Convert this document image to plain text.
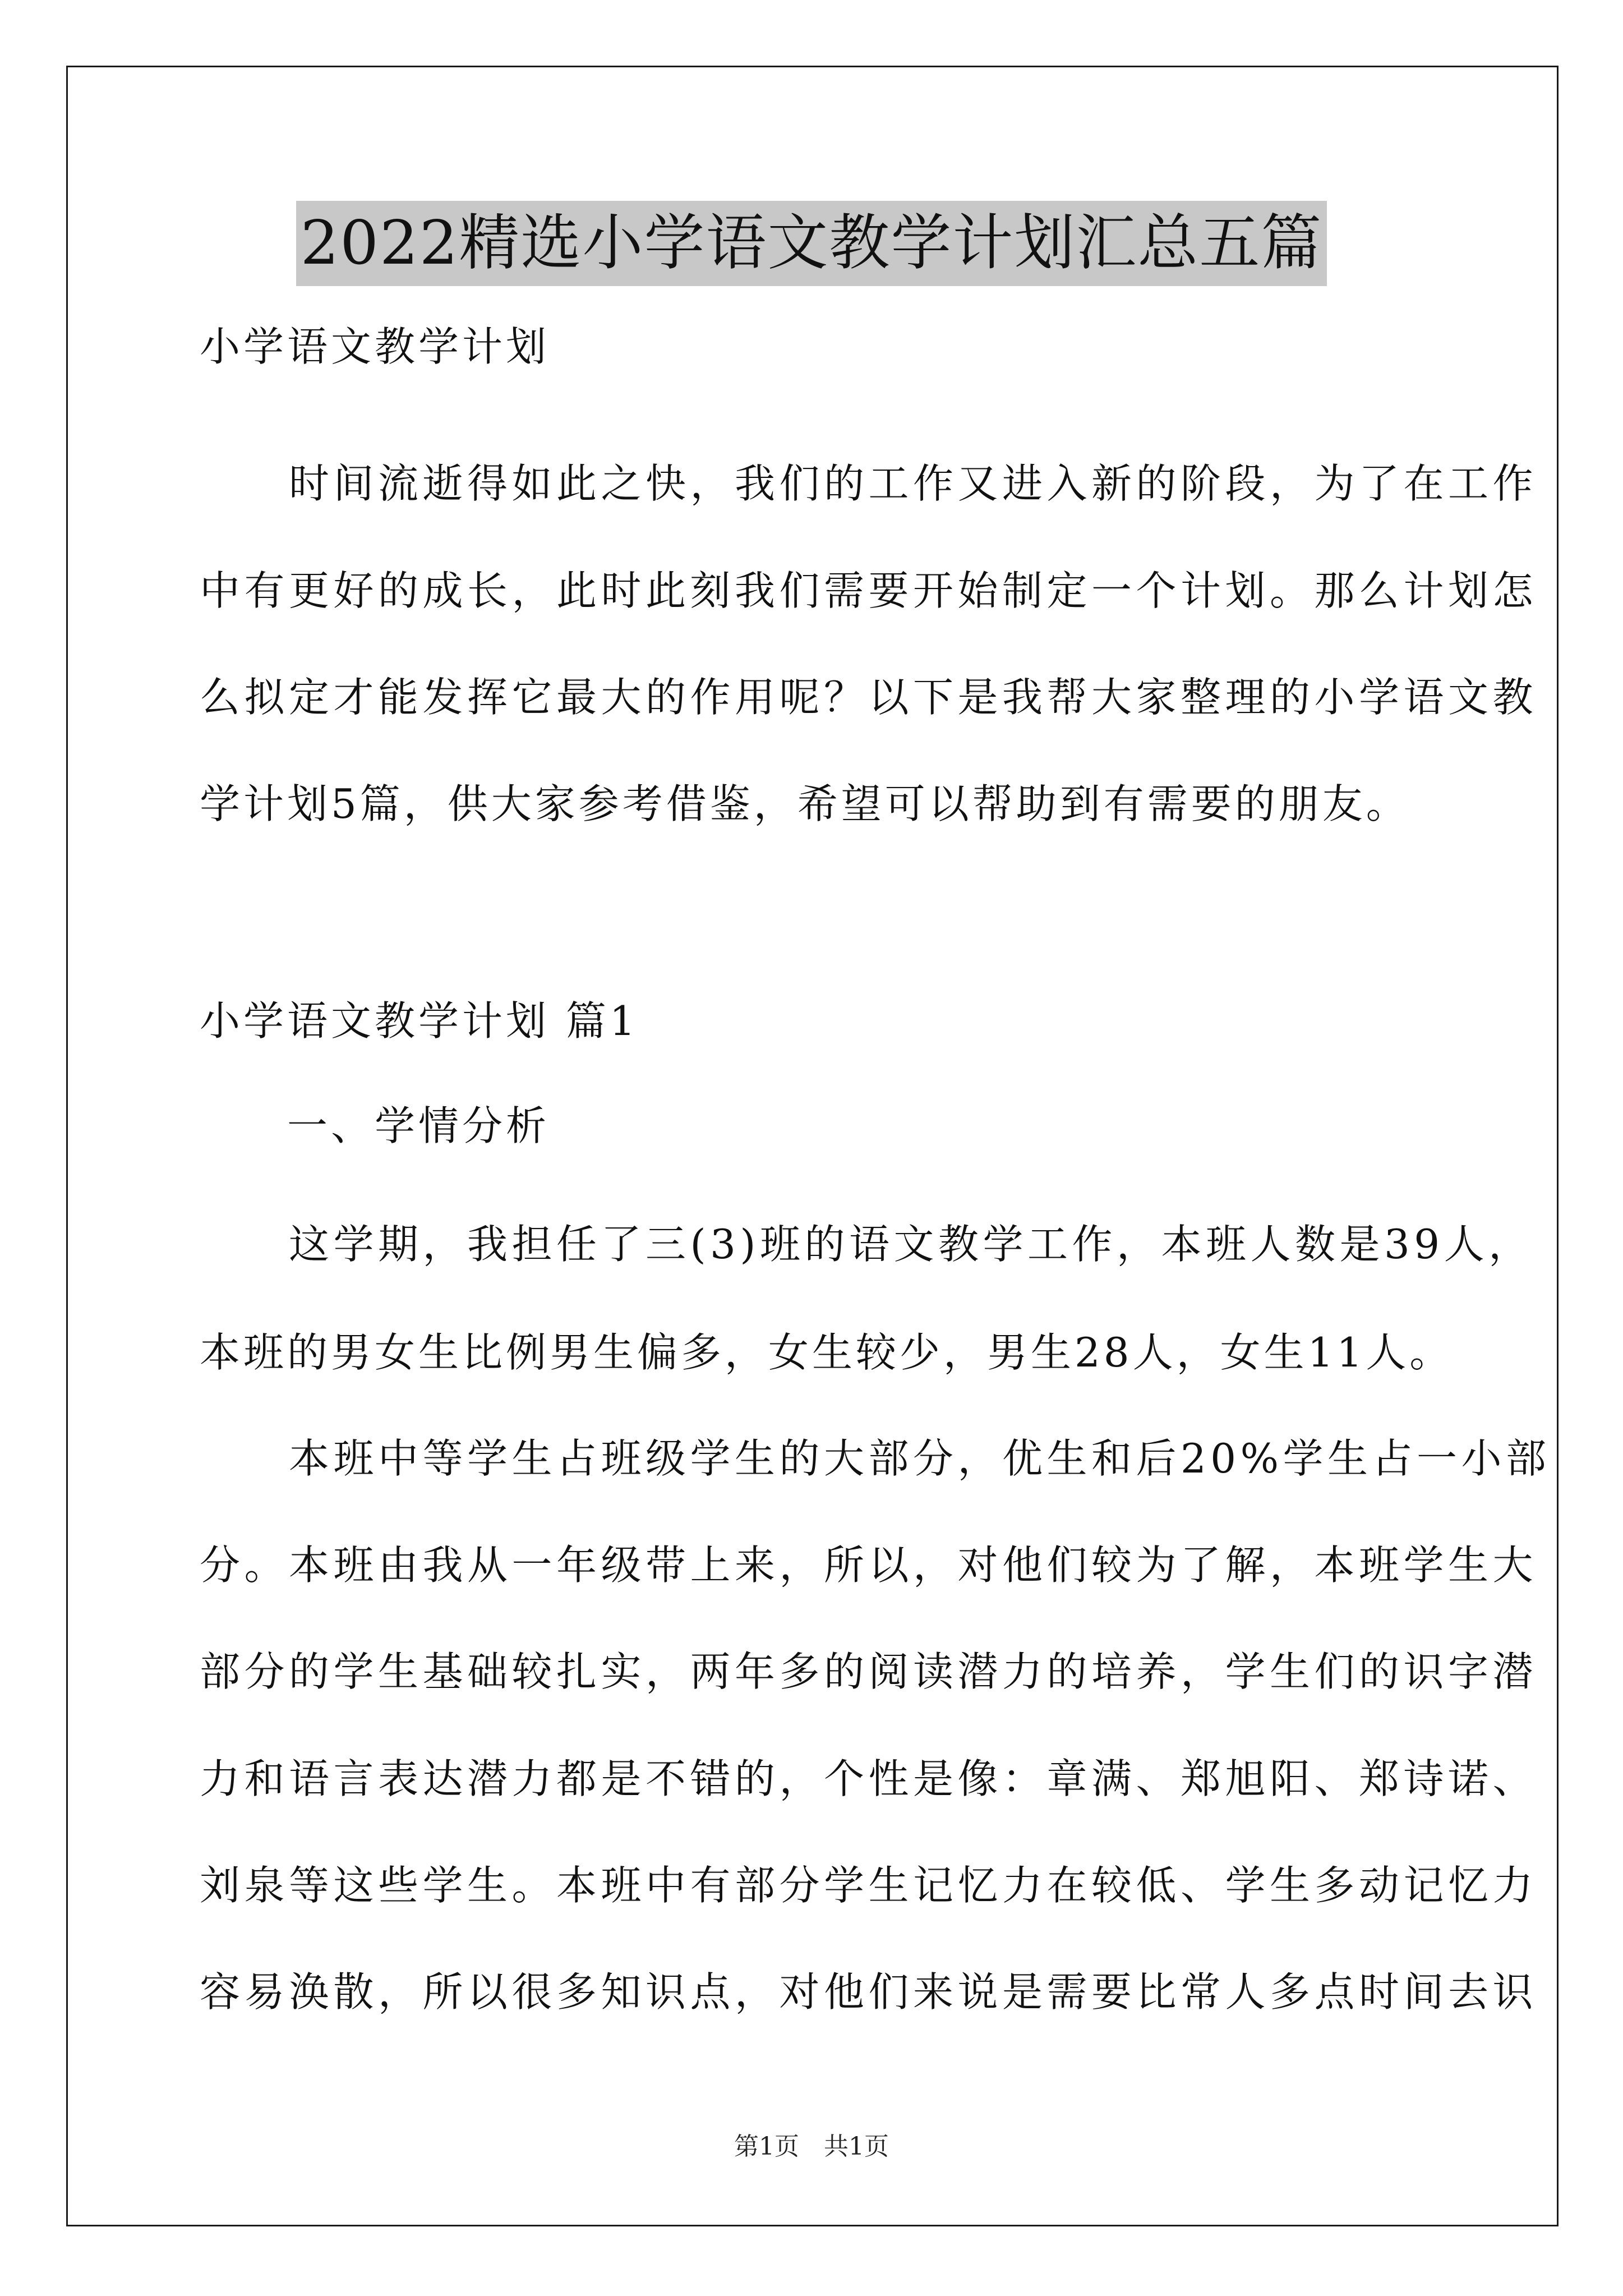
2022精选小学语文教学计划汇总五篇
小学语文教学计划
　　时间流逝得如此之快，我们的工作又进入新的阶段，为了在工作
中有更好的成长，此时此刻我们需要开始制定一个计划。那么计划怎
么拟定才能发挥它最大的作用呢？以下是我帮大家整理的小学语文教
学计划5篇，供大家参考借鉴，希望可以帮助到有需要的朋友。
小学语文教学计划 篇1
　　一、学情分析
　　这学期，我担任了三(3)班的语文教学工作，本班人数是39人，
本班的男女生比例男生偏多，女生较少，男生28人，女生11人。
　　本班中等学生占班级学生的大部分，优生和后20%学生占一小部
分。本班由我从一年级带上来，所以，对他们较为了解，本班学生大
部分的学生基础较扎实，两年多的阅读潜力的培养，学生们的识字潜
力和语言表达潜力都是不错的，个性是像：章满、郑旭阳、郑诗诺、
刘泉等这些学生。本班中有部分学生记忆力在较低、学生多动记忆力
容易涣散，所以很多知识点，对他们来说是需要比常人多点时间去识
第1页　共1页
